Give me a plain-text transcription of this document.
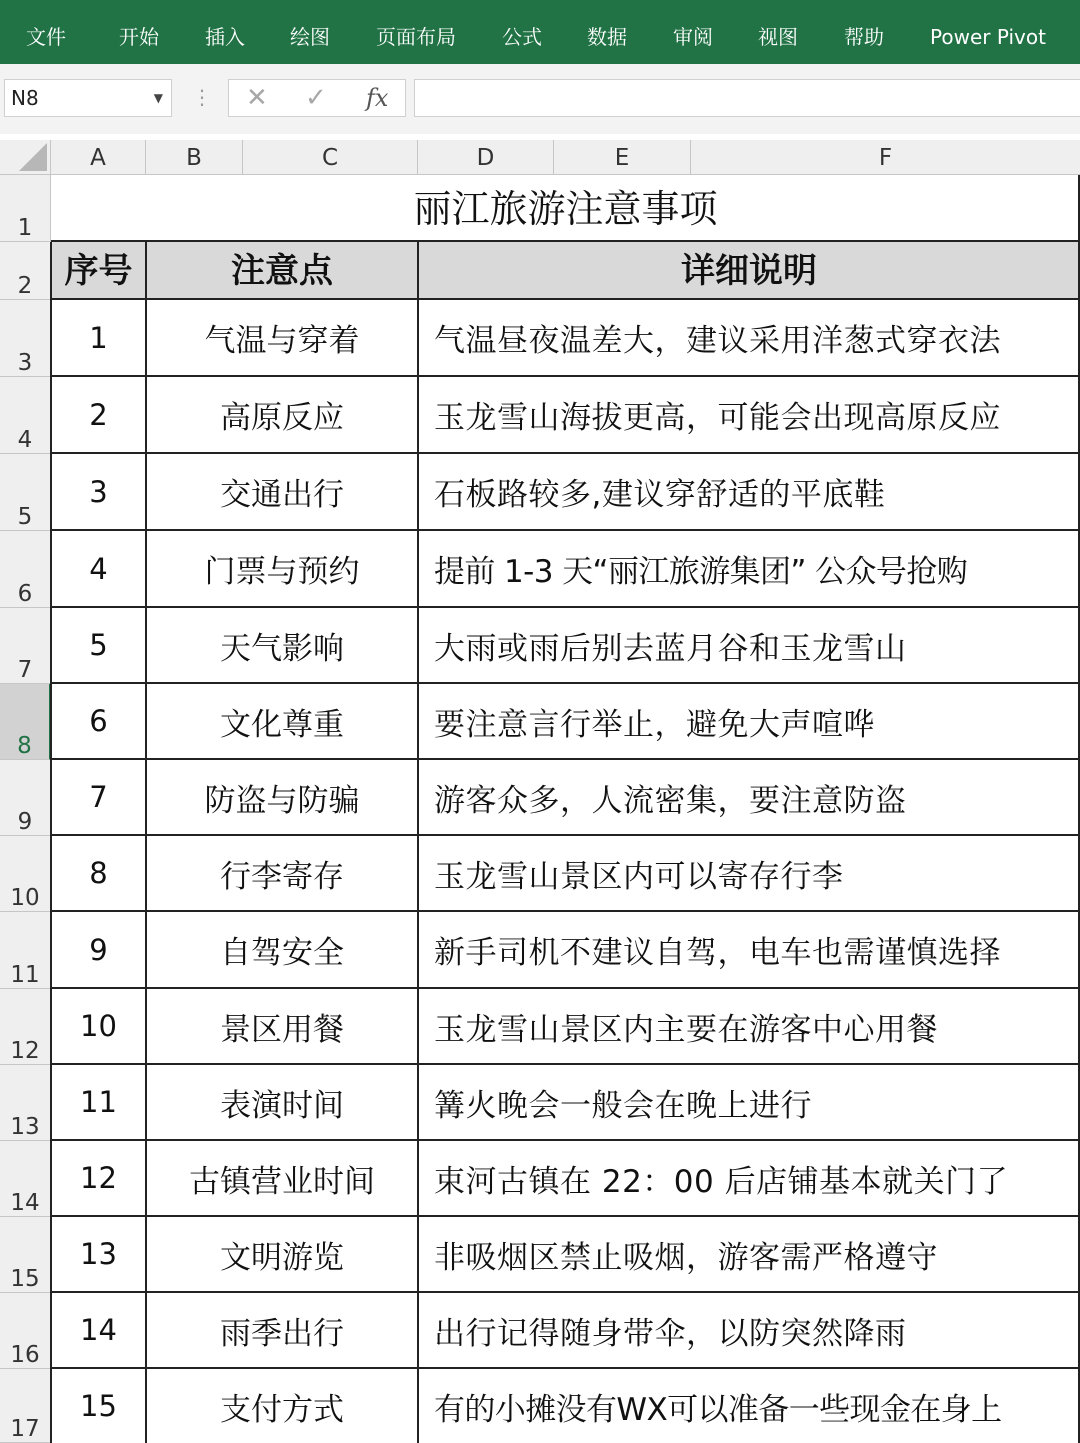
文件	开始 插入 绘图 页面布局 公式 数据 审阅 视图 帮助 Power Pivot
N8	▼ ⋮ ✕ ✓ fx
A	B	C	D	E	F
1
2
3
4
5
6
7
8
9
10
11
12
13
14
15
16
17
丽江旅游注意事项
序号	注意点	详细说明
1	气温与穿着	气温昼夜温差大，建议采用洋葱式穿衣法
2	高原反应	玉龙雪山海拔更高，可能会出现高原反应
3	交通出行	石板路较多,建议穿舒适的平底鞋
4	门票与预约	提前 1-3 天“丽江旅游集团” 公众号抢购
5	天气影响	大雨或雨后别去蓝月谷和玉龙雪山
6	文化尊重	要注意言行举止，避免大声喧哗
7	防盗与防骗	游客众多，人流密集，要注意防盗
8	行李寄存	玉龙雪山景区内可以寄存行李
9	自驾安全	新手司机不建议自驾，电车也需谨慎选择
10	景区用餐	玉龙雪山景区内主要在游客中心用餐
11	表演时间	篝火晚会一般会在晚上进行
12	古镇营业时间	束河古镇在 22：00 后店铺基本就关门了
13	文明游览	非吸烟区禁止吸烟，游客需严格遵守
14	雨季出行	出行记得随身带伞，以防突然降雨
15	支付方式	有的小摊没有WX可以准备一些现金在身上
